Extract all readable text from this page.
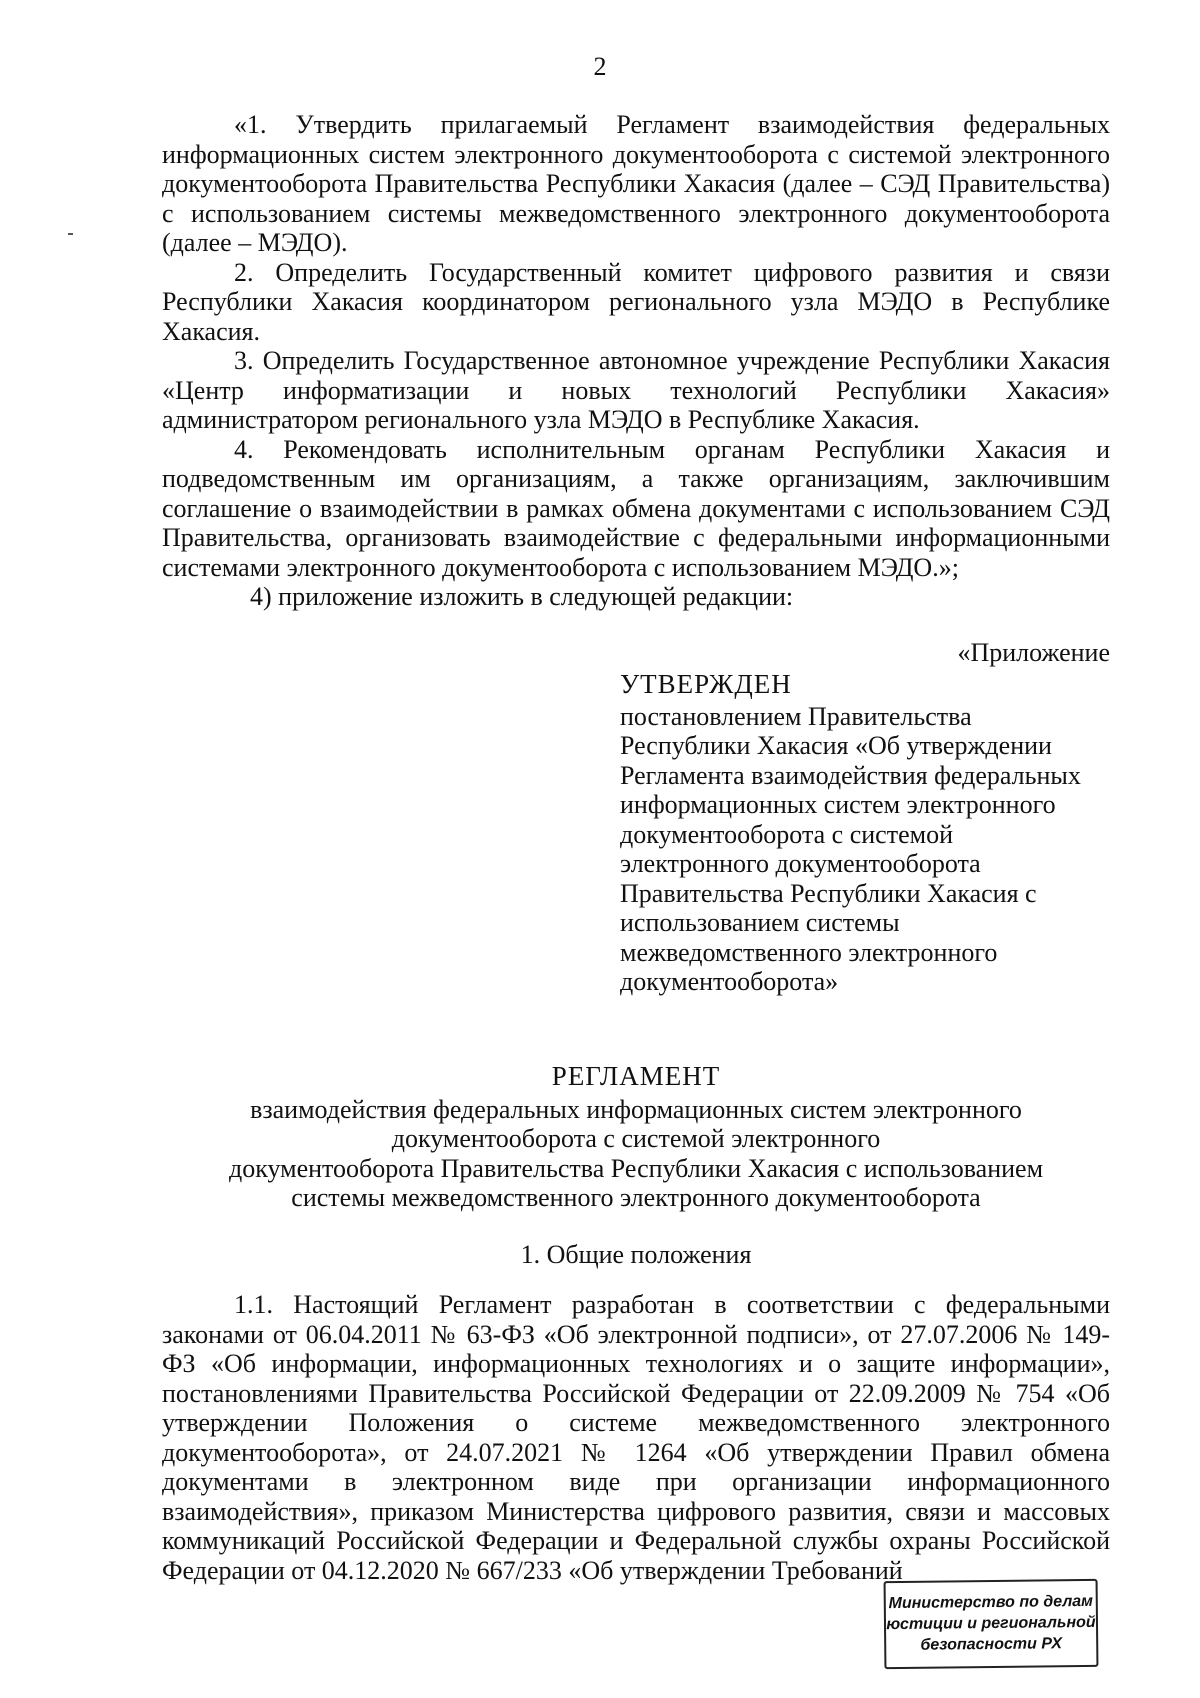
2

«1. Утвердить прилагаемый Регламент взаимодействия федеральных информационных систем электронного документооборота с системой электронного документооборота Правительства Республики Хакасия (далее – СЭД Правительства) с использованием системы межведомственного электронного документооборота (далее – МЭДО).

2. Определить Государственный комитет цифрового развития и связи Республики Хакасия координатором регионального узла МЭДО в Республике Хакасия.

3. Определить Государственное автономное учреждение Республики Хакасия «Центр информатизации и новых технологий Республики Хакасия» администратором регионального узла МЭДО в Республике Хакасия.

4. Рекомендовать исполнительным органам Республики Хакасия и подведомственным им организациям, а также организациям, заключившим соглашение о взаимодействии в рамках обмена документами с использованием СЭД Правительства, организовать взаимодействие с федеральными информационными системами электронного документооборота с использованием МЭДО.»;

4) приложение изложить в следующей редакции:

«Приложение

УТВЕРЖДЕН

постановлением Правительства Республики Хакасия «Об утверждении Регламента взаимодействия федеральных информационных систем электронного документооборота с системой электронного документооборота Правительства Республики Хакасия с использованием системы межведомственного электронного документооборота»

РЕГЛАМЕНТ

взаимодействия федеральных информационных систем электронного

документооборота с системой электронного

документооборота Правительства Республики Хакасия с использованием

системы межведомственного электронного документооборота

1. Общие положения

1.1. Настоящий Регламент разработан в соответствии с федеральными законами от 06.04.2011 № 63-ФЗ «Об электронной подписи», от 27.07.2006 № 149-ФЗ «Об информации, информационных технологиях и о защите информации», постановлениями Правительства Российской Федерации от 22.09.2009 № 754 «Об утверждении Положения о системе межведомственного электронного документооборота», от 24.07.2021 № 1264 «Об утверждении Правил обмена документами в электронном виде при организации информационного взаимодействия», приказом Министерства цифрового развития, связи и массовых коммуникаций Российской Федерации и Федеральной службы охраны Российской Федерации от 04.12.2020 № 667/233 «Об утверждении Требований

Министерство по делам
юстиции и региональной
безопасности РХ
